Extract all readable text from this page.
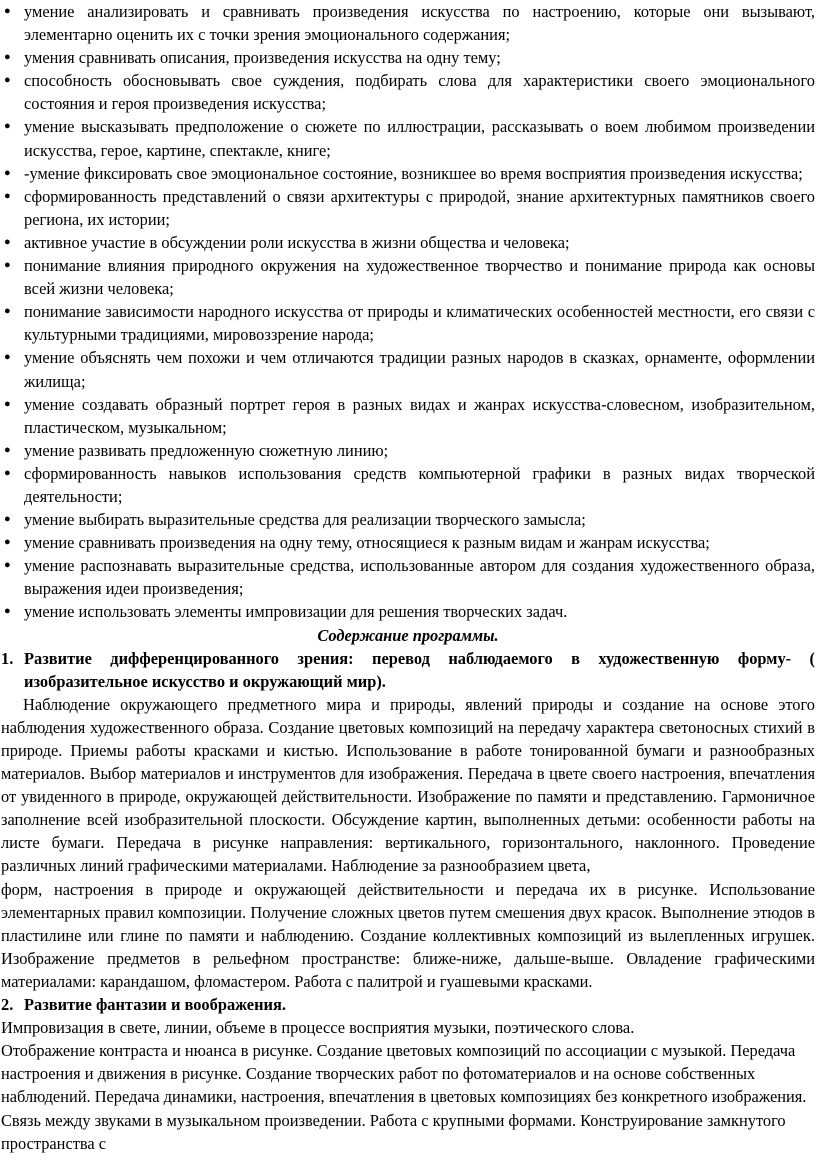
● умение анализировать и сравнивать произведения искусства по настроению, которые они вызывают, элементарно оценить их с точки зрения эмоционального содержания;
● умения сравнивать описания, произведения искусства на одну тему;
● способность обосновывать свое суждения, подбирать слова для характеристики своего эмоционального состояния и героя произведения искусства;
● умение высказывать предположение о сюжете по иллюстрации, рассказывать о воем любимом произведении искусства, герое, картине, спектакле, книге;
● -умение фиксировать свое эмоциональное состояние, возникшее во время восприятия произведения искусства;
● сформированность представлений о связи архитектуры с природой, знание архитектурных памятников своего региона, их истории;
● активное участие в обсуждении роли искусства в жизни общества и человека;
● понимание влияния природного окружения на художественное творчество и понимание природа как основы всей жизни человека;
● понимание зависимости народного искусства от природы и климатических особенностей местности, его связи с культурными традициями, мировоззрение народа;
● умение объяснять чем похожи и чем отличаются традиции разных народов в сказках, орнаменте, оформлении жилища;
● умение создавать образный портрет героя в разных видах и жанрах искусства-словесном, изобразительном, пластическом, музыкальном;
● умение развивать предложенную сюжетную линию;
● сформированность навыков использования средств компьютерной графики в разных видах творческой деятельности;
● умение выбирать выразительные средства для реализации творческого замысла;
● умение сравнивать произведения на одну тему, относящиеся к разным видам и жанрам искусства;
● умение распознавать выразительные средства, использованные автором для создания художественного образа, выражения идеи произведения;
● умение использовать элементы импровизации для решения творческих задач.

Содержание программы.

1. Развитие дифференцированного зрения: перевод наблюдаемого в художественную форму- ( изобразительное искусство и окружающий мир).

Наблюдение окружающего предметного мира и природы, явлений природы и создание на основе этого наблюдения художественного образа. Создание цветовых композиций на передачу характера светоносных стихий в природе. Приемы работы красками и кистью. Использование в работе тонированной бумаги и разнообразных материалов. Выбор материалов и инструментов для изображения. Передача в цвете своего настроения, впечатления от увиденного в природе, окружающей действительности. Изображение по памяти и представлению. Гармоничное заполнение всей изобразительной плоскости. Обсуждение картин, выполненных детьми: особенности работы на листе бумаги. Передача в рисунке направления: вертикального, горизонтального, наклонного. Проведение различных линий графическими материалами. Наблюдение за разнообразием цвета,

форм, настроения в природе и окружающей действительности и передача их в рисунке. Использование элементарных правил композиции. Получение сложных цветов путем смешения двух красок. Выполнение этюдов в пластилине или глине по памяти и наблюдению. Создание коллективных композиций из вылепленных игрушек. Изображение предметов в рельефном пространстве: ближе-ниже, дальше-выше. Овладение графическими материалами: карандашом, фломастером. Работа с палитрой и гуашевыми красками.

2. Развитие фантазии и воображения.

Импровизация в свете, линии, объеме в процессе восприятия музыки, поэтического слова.

Отображение контраста и нюанса в рисунке. Создание цветовых композиций по ассоциации с музыкой. Передача настроения и движения в рисунке. Создание творческих работ по фотоматериалов и на основе собственных наблюдений. Передача динамики, настроения, впечатления в цветовых композициях без конкретного изображения. Связь между звуками в музыкальном произведении. Работа с крупными формами. Конструирование замкнутого пространства с
